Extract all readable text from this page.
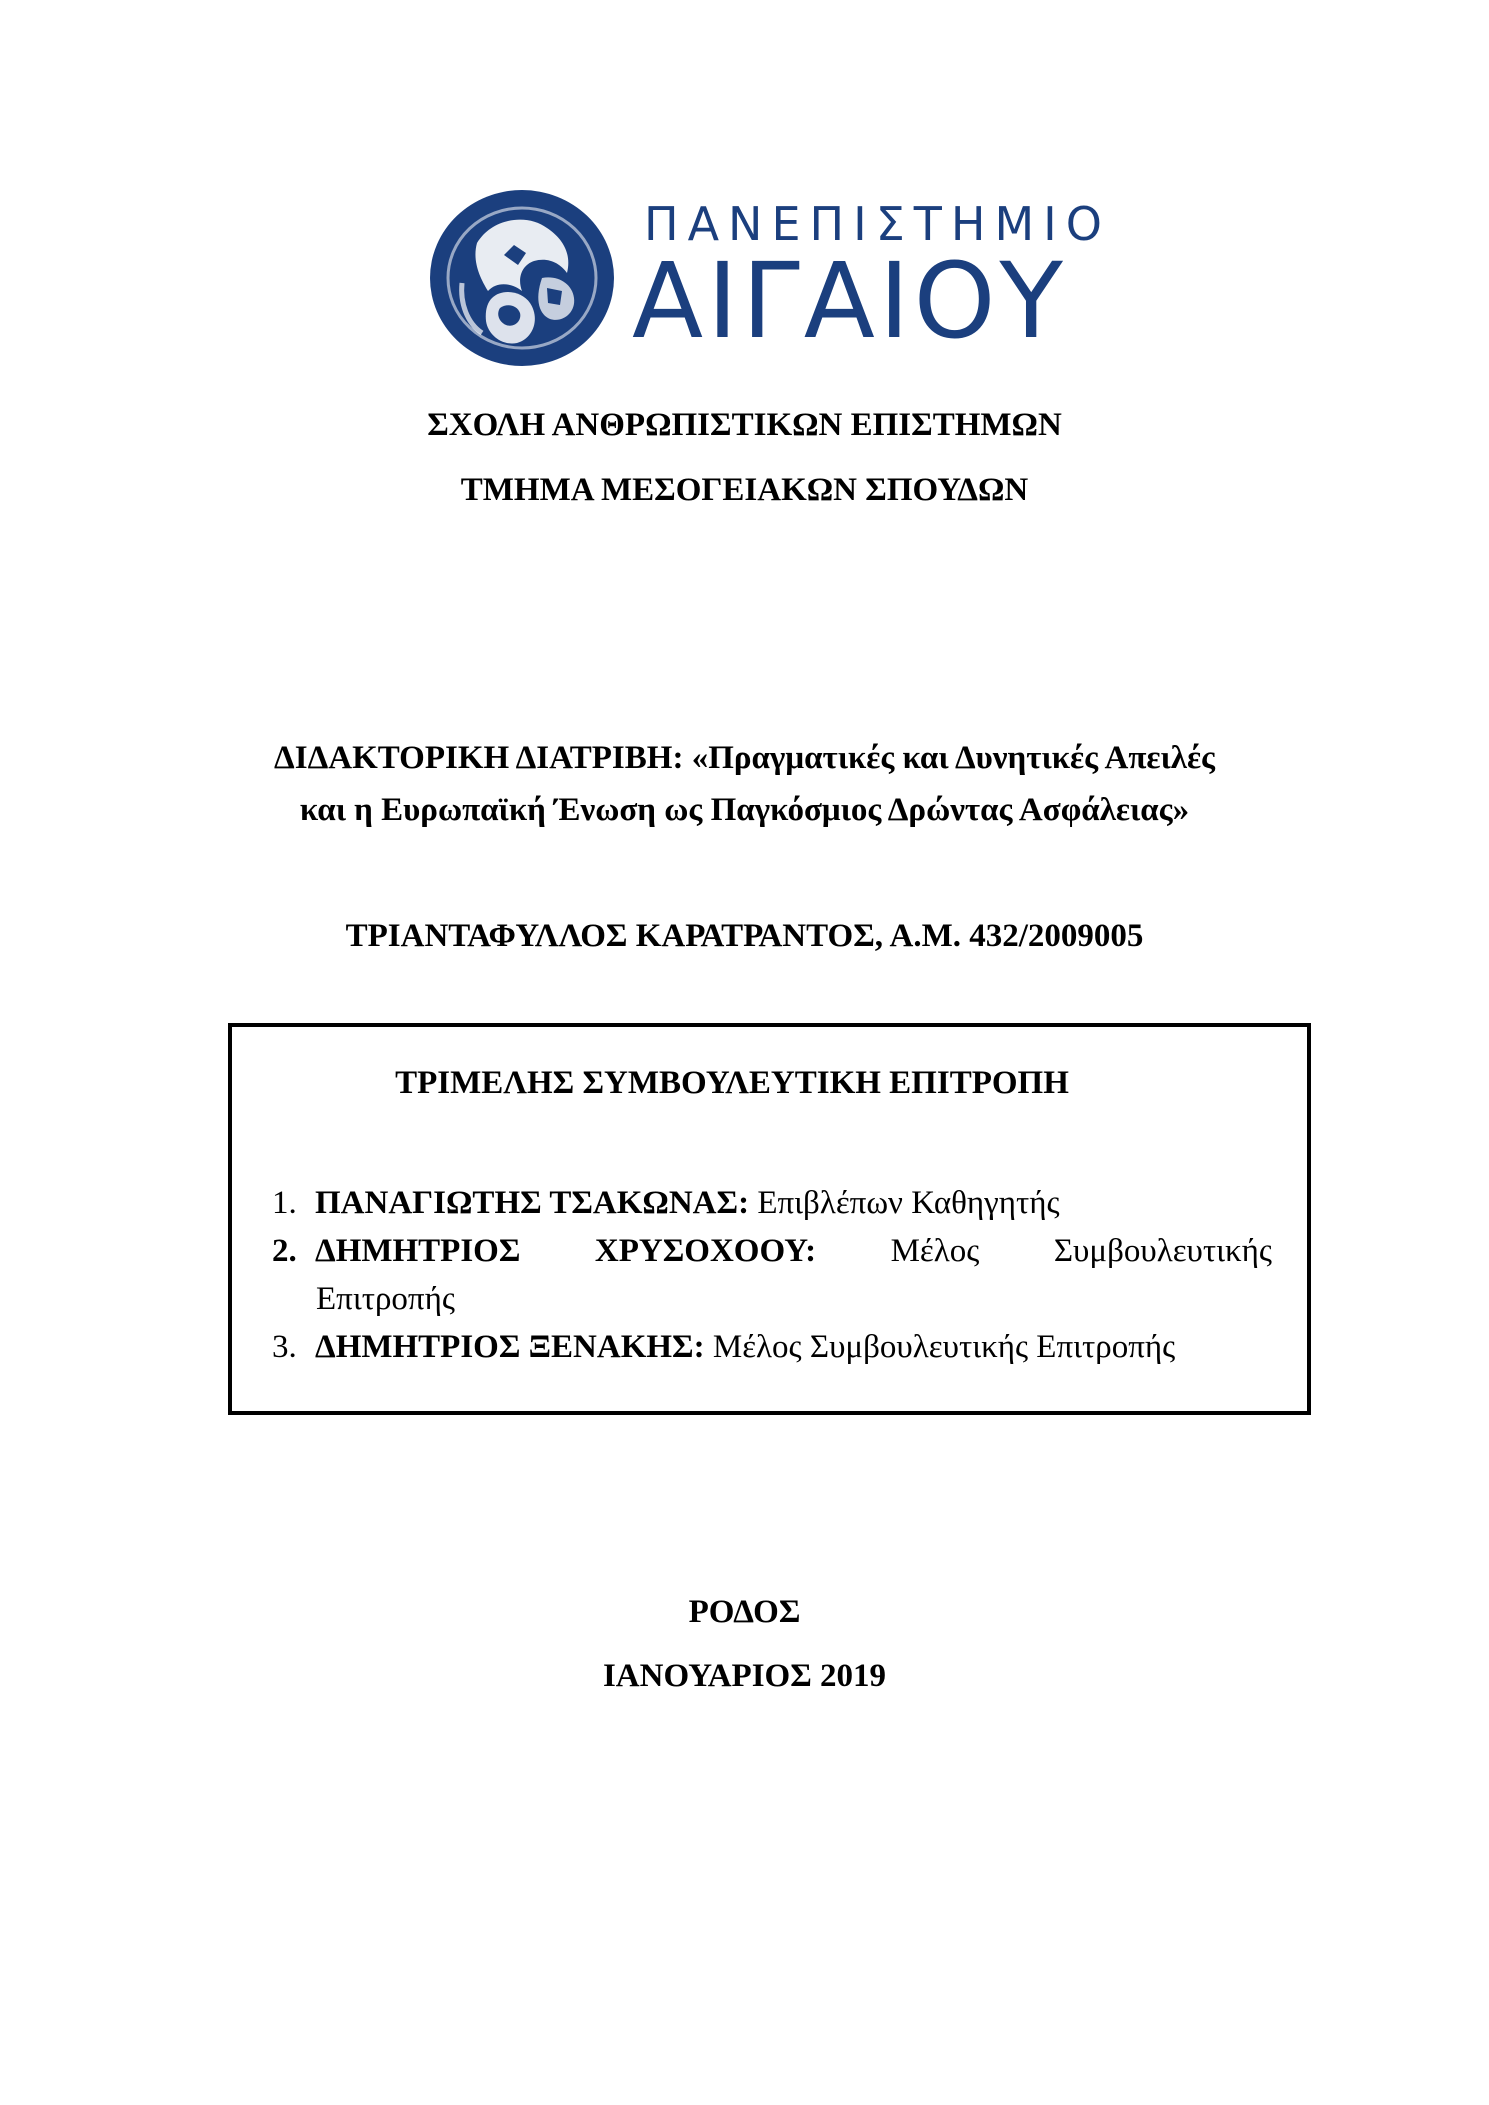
ΠΑΝΕΠΙΣΤΗΜΙΟ
ΑΙΓΑΙΟΥ
ΣΧΟΛΗ ΑΝΘΡΩΠΙΣΤΙΚΩΝ ΕΠΙΣΤΗΜΩΝ
ΤΜΗΜΑ ΜΕΣΟΓΕΙΑΚΩΝ ΣΠΟΥΔΩΝ
ΔΙΔΑΚΤΟΡΙΚΗ ΔΙΑΤΡΙΒΗ: «Πραγματικές και Δυνητικές Απειλές
και η Ευρωπαϊκή Ένωση ως Παγκόσμιος Δρώντας Ασφάλειας»
ΤΡΙΑΝΤΑΦΥΛΛΟΣ ΚΑΡΑΤΡΑΝΤΟΣ, Α.Μ. 432/2009005
ΤΡΙΜΕΛΗΣ ΣΥΜΒΟΥΛΕΥΤΙΚΗ ΕΠΙΤΡΟΠΗ
1. ΠΑΝΑΓΙΩΤΗΣ ΤΣΑΚΩΝΑΣ: Επιβλέπων Καθηγητής
2. ΔΗΜΗΤΡΙΟΣ ΧΡΥΣΟΧΟΟΥ: Μέλος Συμβουλευτικής
Επιτροπής
3. ΔΗΜΗΤΡΙΟΣ ΞΕΝΑΚΗΣ: Μέλος Συμβουλευτικής Επιτροπής
ΡΟΔΟΣ
ΙΑΝΟΥΑΡΙΟΣ 2019
